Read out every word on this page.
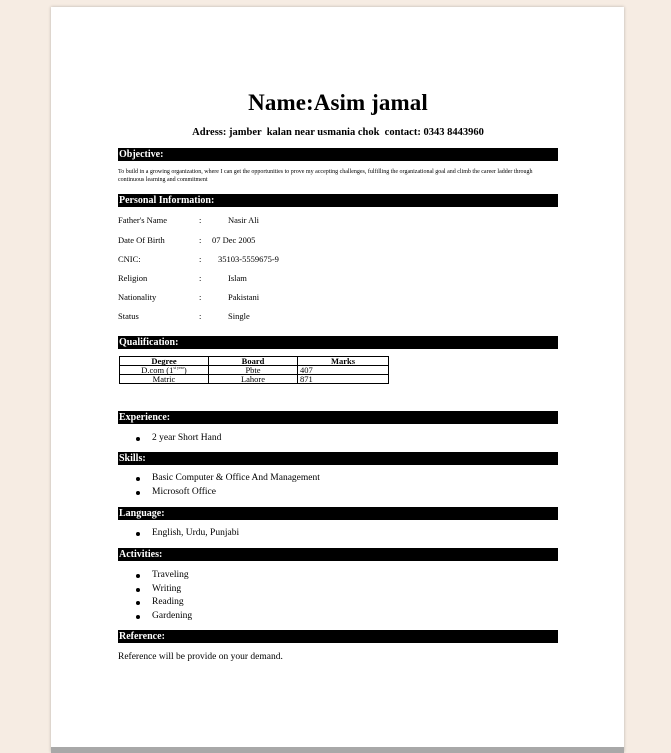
Name:Asim jamal
Adress: jamber  kalan near usmania chok  contact: 0343 8443960
Objective:
To build in a growing organization, where I can get the opportunities to prove my accepting challenges, fulfilling the organizational goal and climb the career ladder through continuous learning and commitment
Personal Information:
Father's Name	:	Nasir Ali
Date Of Birth	: 07 Dec 2005
CNIC:	: 35103-5559675-9
Religion	:	Islam
Nationality	:	Pakistani
Status	:	Single
Qualification:
Degree	Board	Marks
D.com $(1^{st year})$	Pbte	407
Matric	Lahore	871
Experience:
2 year Short Hand
Skills:
Basic Computer & Office And Management
Microsoft Office
Language:
English, Urdu, Punjabi
Activities:
Traveling
Writing
Reading
Gardening
Reference:
Reference will be provide on your demand.
